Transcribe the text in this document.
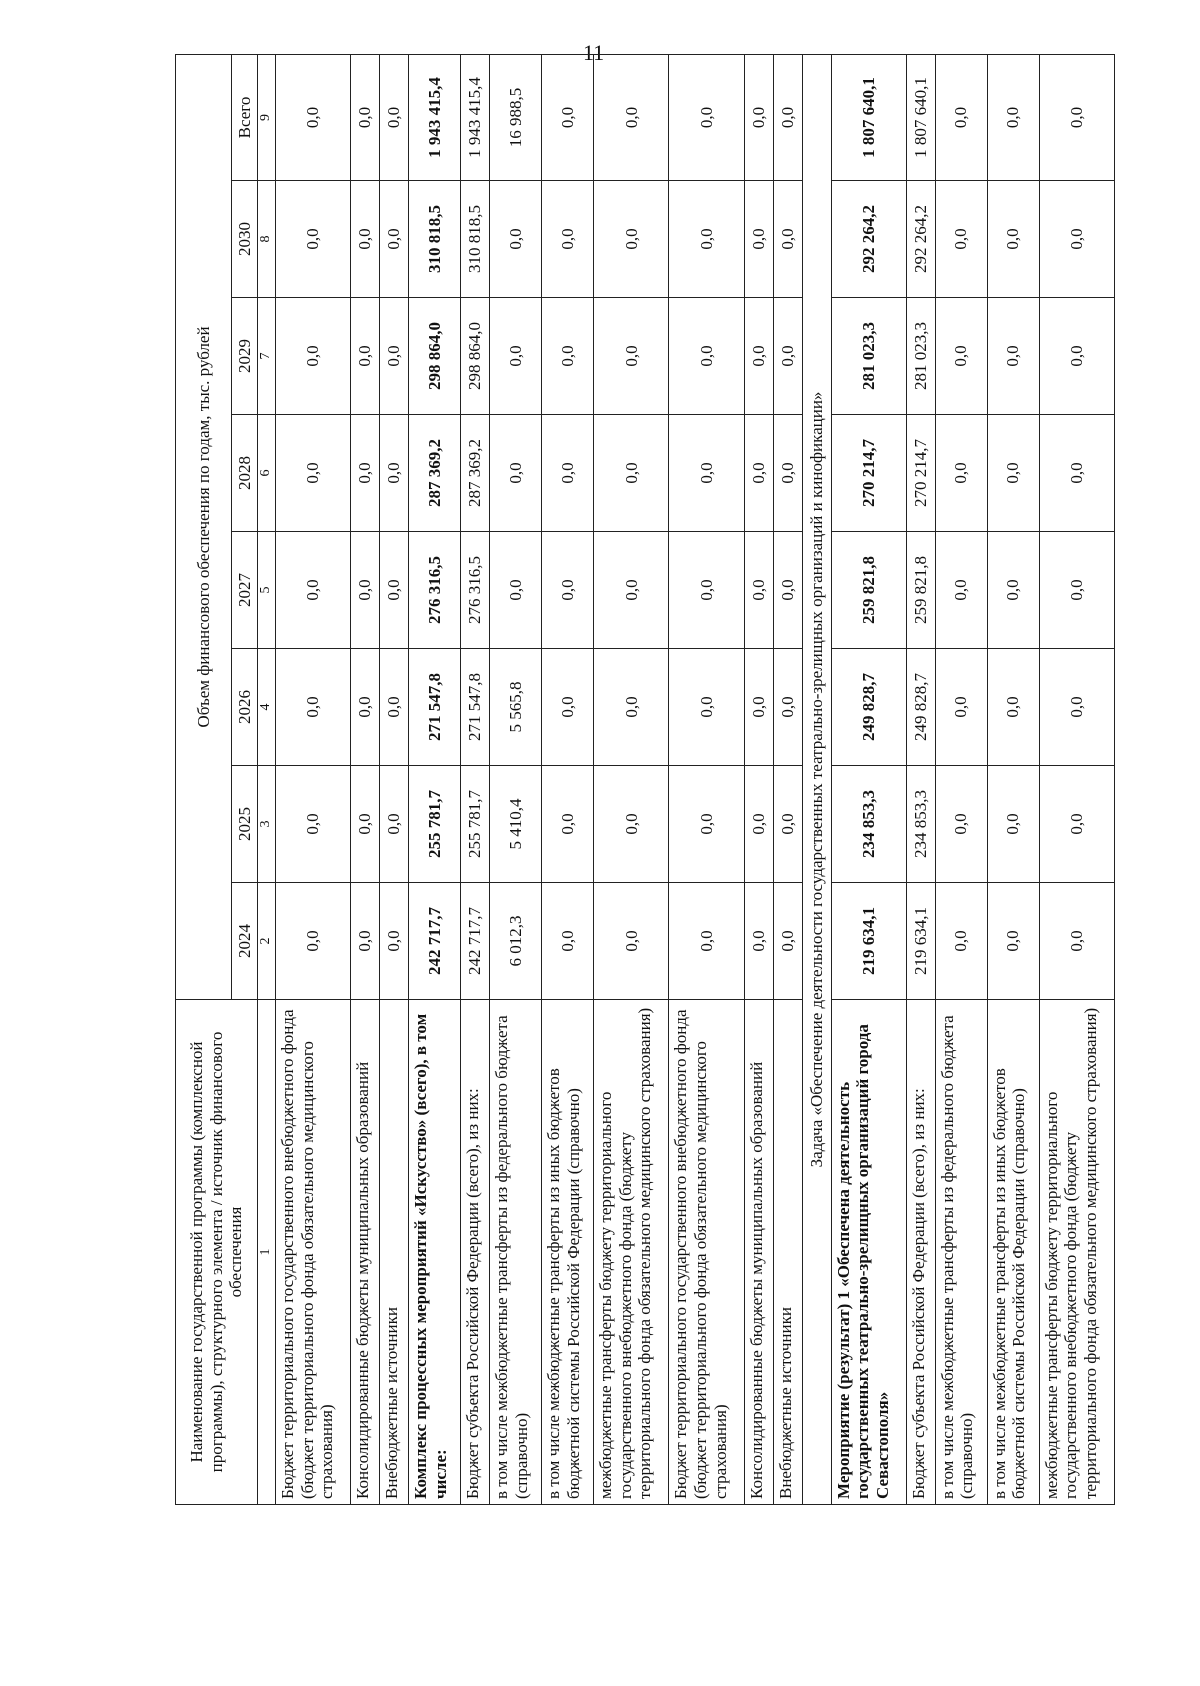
11
Наименование государственной программы (комплексной программы), структурного элемента / источник финансового обеспечения	Объем финансового обеспечения по годам, тыс. рублей							
	2024	2025	2026	2027	2028	2029	2030	Всего
1	2	3	4	5	6	7	8	9
Бюджет территориального государственного внебюджетного фонда (бюджет территориального фонда обязательного медицинского страхования)	0,0	0,0	0,0	0,0	0,0	0,0	0,0	0,0
Консолидированные бюджеты муниципальных образований	0,0	0,0	0,0	0,0	0,0	0,0	0,0	0,0
Внебюджетные источники	0,0	0,0	0,0	0,0	0,0	0,0	0,0	0,0
Комплекс процессных мероприятий «Искусство» (всего), в том числе:	242 717,7	255 781,7	271 547,8	276 316,5	287 369,2	298 864,0	310 818,5	1 943 415,4
Бюджет субъекта Российской Федерации (всего), из них:	242 717,7	255 781,7	271 547,8	276 316,5	287 369,2	298 864,0	310 818,5	1 943 415,4
в том числе межбюджетные трансферты из федерального бюджета (справочно)	6 012,3	5 410,4	5 565,8	0,0	0,0	0,0	0,0	16 988,5
в том числе межбюджетные трансферты из иных бюджетов бюджетной системы Российской Федерации (справочно)	0,0	0,0	0,0	0,0	0,0	0,0	0,0	0,0
межбюджетные трансферты бюджету территориального государственного внебюджетного фонда (бюджету территориального фонда обязательного медицинского страхования)	0,0	0,0	0,0	0,0	0,0	0,0	0,0	0,0
Бюджет территориального государственного внебюджетного фонда (бюджет территориального фонда обязательного медицинского страхования)	0,0	0,0	0,0	0,0	0,0	0,0	0,0	0,0
Консолидированные бюджеты муниципальных образований	0,0	0,0	0,0	0,0	0,0	0,0	0,0	0,0
Внебюджетные источники	0,0	0,0	0,0	0,0	0,0	0,0	0,0	0,0
Задача «Обеспечение деятельности государственных театрально-зрелищных организаций и кинофикации»								
Мероприятие (результат) 1 «Обеспечена деятельность государственных театрально-зрелищных организаций города Севастополя»	219 634,1	234 853,3	249 828,7	259 821,8	270 214,7	281 023,3	292 264,2	1 807 640,1
Бюджет субъекта Российской Федерации (всего), из них:	219 634,1	234 853,3	249 828,7	259 821,8	270 214,7	281 023,3	292 264,2	1 807 640,1
в том числе межбюджетные трансферты из федерального бюджета (справочно)	0,0	0,0	0,0	0,0	0,0	0,0	0,0	0,0
в том числе межбюджетные трансферты из иных бюджетов бюджетной системы Российской Федерации (справочно)	0,0	0,0	0,0	0,0	0,0	0,0	0,0	0,0
межбюджетные трансферты бюджету территориального государственного внебюджетного фонда (бюджету территориального фонда обязательного медицинского страхования)	0,0	0,0	0,0	0,0	0,0	0,0	0,0	0,0
